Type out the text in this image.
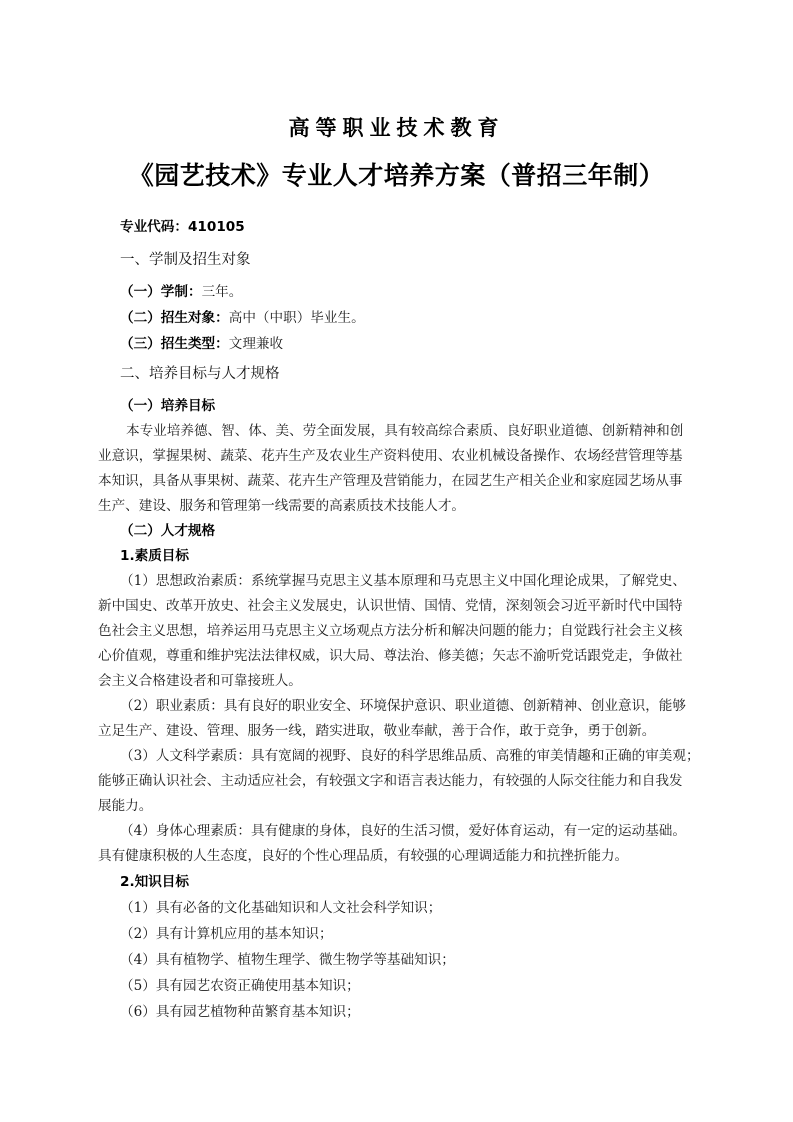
高等职业技术教育
《园艺技术》专业人才培养方案（普招三年制）
专业代码：410105
一、学制及招生对象
（一）学制：三年。
（二）招生对象：高中（中职）毕业生。
（三）招生类型：文理兼收
二、培养目标与人才规格
（一）培养目标
本专业培养德、智、体、美、劳全面发展，具有较高综合素质、良好职业道德、创新精神和创
业意识，掌握果树、蔬菜、花卉生产及农业生产资料使用、农业机械设备操作、农场经营管理等基
本知识，具备从事果树、蔬菜、花卉生产管理及营销能力，在园艺生产相关企业和家庭园艺场从事
生产、建设、服务和管理第一线需要的高素质技术技能人才。
（二）人才规格
1.素质目标
（1）思想政治素质：系统掌握马克思主义基本原理和马克思主义中国化理论成果，了解党史、
新中国史、改革开放史、社会主义发展史，认识世情、国情、党情，深刻领会习近平新时代中国特
色社会主义思想，培养运用马克思主义立场观点方法分析和解决问题的能力；自觉践行社会主义核
心价值观，尊重和维护宪法法律权威，识大局、尊法治、修美德；矢志不渝听党话跟党走，争做社
会主义合格建设者和可靠接班人。
（2）职业素质：具有良好的职业安全、环境保护意识、职业道德、创新精神、创业意识，能够
立足生产、建设、管理、服务一线，踏实进取，敬业奉献，善于合作，敢于竞争，勇于创新。
（3）人文科学素质：具有宽阔的视野、良好的科学思维品质、高雅的审美情趣和正确的审美观；
能够正确认识社会、主动适应社会，有较强文字和语言表达能力，有较强的人际交往能力和自我发
展能力。
（4）身体心理素质：具有健康的身体，良好的生活习惯，爱好体育运动，有一定的运动基础。
具有健康积极的人生态度，良好的个性心理品质，有较强的心理调适能力和抗挫折能力。
2.知识目标
（1）具有必备的文化基础知识和人文社会科学知识；
（2）具有计算机应用的基本知识；
（4）具有植物学、植物生理学、微生物学等基础知识；
（5）具有园艺农资正确使用基本知识；
（6）具有园艺植物种苗繁育基本知识；
